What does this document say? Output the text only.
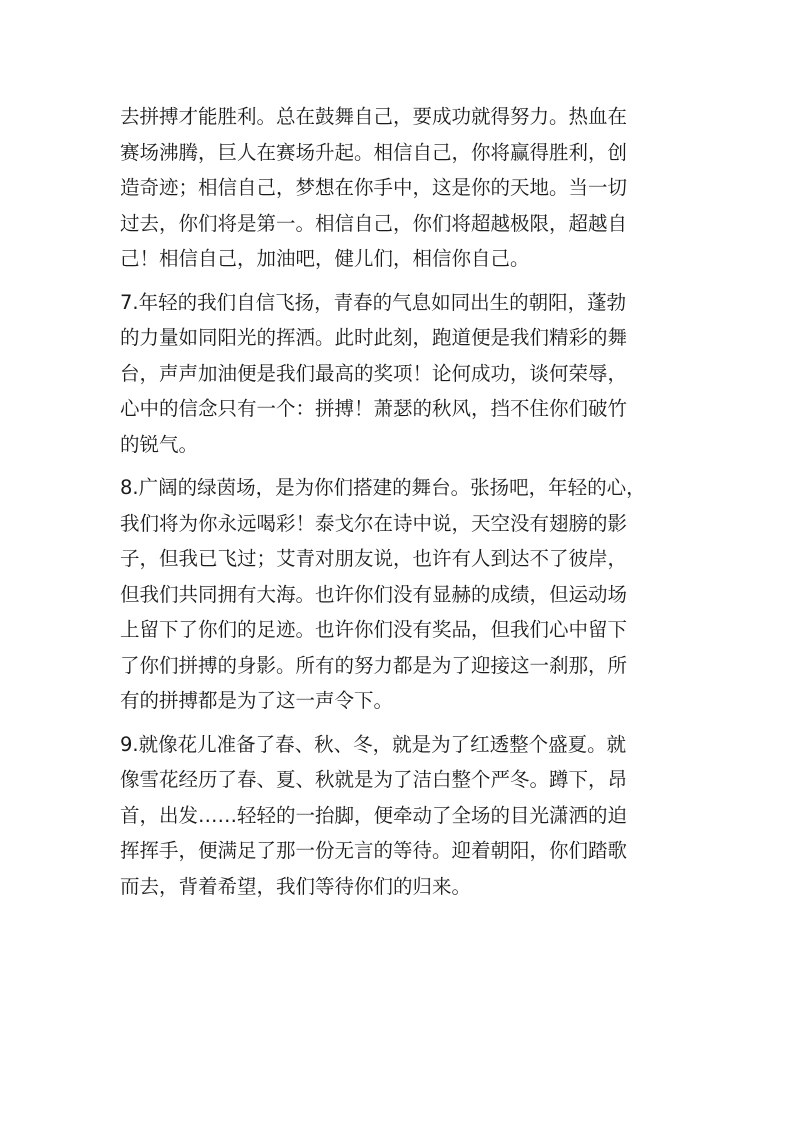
去拼搏才能胜利。总在鼓舞自己，要成功就得努力。热血在
赛场沸腾，巨人在赛场升起。相信自己，你将赢得胜利，创
造奇迹；相信自己，梦想在你手中，这是你的天地。当一切
过去，你们将是第一。相信自己，你们将超越极限，超越自
己！相信自己，加油吧，健儿们，相信你自己。
7.年轻的我们自信飞扬，青春的气息如同出生的朝阳，蓬勃
的力量如同阳光的挥洒。此时此刻，跑道便是我们精彩的舞
台，声声加油便是我们最高的奖项！论何成功，谈何荣辱，
心中的信念只有一个：拼搏！萧瑟的秋风，挡不住你们破竹
的锐气。
8.广阔的绿茵场，是为你们搭建的舞台。张扬吧，年轻的心，
我们将为你永远喝彩！泰戈尔在诗中说，天空没有翅膀的影
子，但我已飞过；艾青对朋友说，也许有人到达不了彼岸，
但我们共同拥有大海。也许你们没有显赫的成绩，但运动场
上留下了你们的足迹。也许你们没有奖品，但我们心中留下
了你们拼搏的身影。所有的努力都是为了迎接这一刹那，所
有的拼搏都是为了这一声令下。
9.就像花儿准备了春、秋、冬，就是为了红透整个盛夏。就
像雪花经历了春、夏、秋就是为了洁白整个严冬。蹲下，昂
首，出发……轻轻的一抬脚，便牵动了全场的目光潇洒的迫
挥挥手，便满足了那一份无言的等待。迎着朝阳，你们踏歌
而去，背着希望，我们等待你们的归来。
